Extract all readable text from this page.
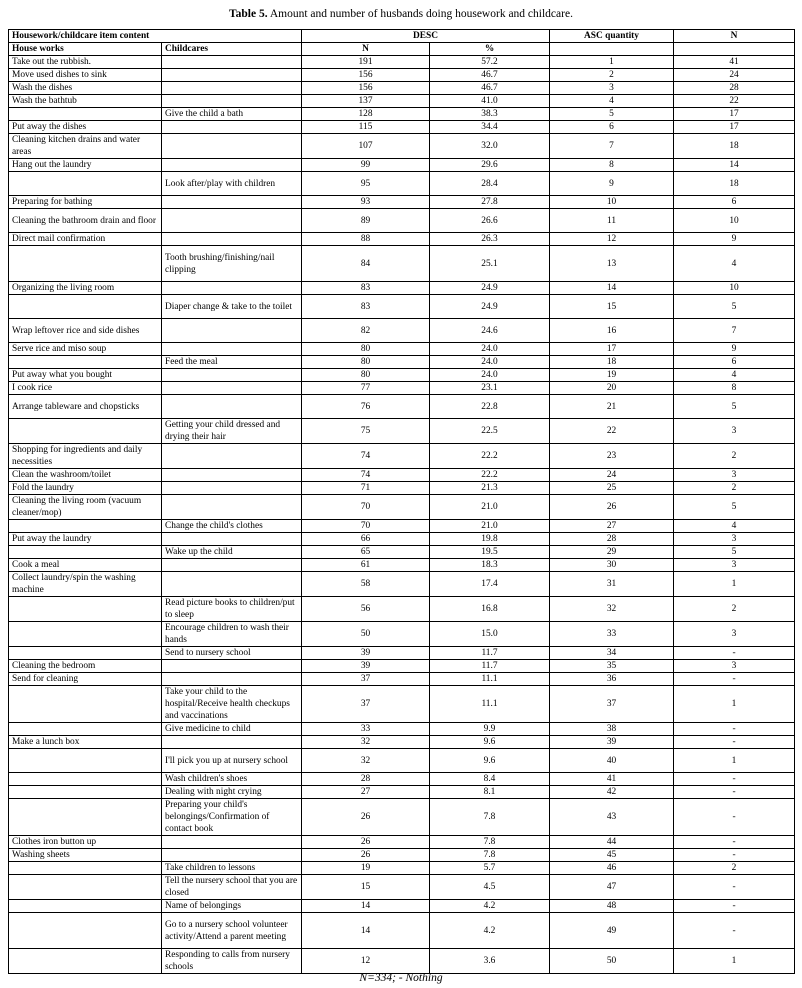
Table 5. Amount and number of husbands doing housework and childcare.
Housework/childcare item content		DESC		ASC quantity	N
House works	Childcares	N	%		
Take out the rubbish.		191	57.2	1	41
Move used dishes to sink		156	46.7	2	24
Wash the dishes		156	46.7	3	28
Wash the bathtub		137	41.0	4	22
	Give the child a bath	128	38.3	5	17
Put away the dishes		115	34.4	6	17
Cleaning kitchen drains and water areas		107	32.0	7	18
Hang out the laundry		99	29.6	8	14
	Look after/play with children	95	28.4	9	18
Preparing for bathing		93	27.8	10	6
Cleaning the bathroom drain and floor		89	26.6	11	10
Direct mail confirmation		88	26.3	12	9
	Tooth brushing/finishing/nail clipping	84	25.1	13	4
Organizing the living room		83	24.9	14	10
	Diaper change & take to the toilet	83	24.9	15	5
Wrap leftover rice and side dishes		82	24.6	16	7
Serve rice and miso soup		80	24.0	17	9
	Feed the meal	80	24.0	18	6
Put away what you bought		80	24.0	19	4
I cook rice		77	23.1	20	8
Arrange tableware and chopsticks		76	22.8	21	5
	Getting your child dressed and drying their hair	75	22.5	22	3
Shopping for ingredients and daily necessities		74	22.2	23	2
Clean the washroom/toilet		74	22.2	24	3
Fold the laundry		71	21.3	25	2
Cleaning the living room (vacuum cleaner/mop)		70	21.0	26	5
	Change the child's clothes	70	21.0	27	4
Put away the laundry		66	19.8	28	3
	Wake up the child	65	19.5	29	5
Cook a meal		61	18.3	30	3
Collect laundry/spin the washing machine		58	17.4	31	1
	Read picture books to children/put to sleep	56	16.8	32	2
	Encourage children to wash their hands	50	15.0	33	3
	Send to nursery school	39	11.7	34	-
Cleaning the bedroom		39	11.7	35	3
Send for cleaning		37	11.1	36	-
	Take your child to the hospital/Receive health checkups and vaccinations	37	11.1	37	1
	Give medicine to child	33	9.9	38	-
Make a lunch box		32	9.6	39	-
	I'll pick you up at nursery school	32	9.6	40	1
	Wash children's shoes	28	8.4	41	-
	Dealing with night crying	27	8.1	42	-
	Preparing your child's belongings/Confirmation of contact book	26	7.8	43	-
Clothes iron button up		26	7.8	44	-
Washing sheets		26	7.8	45	-
	Take children to lessons	19	5.7	46	2
	Tell the nursery school that you are closed	15	4.5	47	-
	Name of belongings	14	4.2	48	-
	Go to a nursery school volunteer activity/Attend a parent meeting	14	4.2	49	-
	Responding to calls from nursery schools	12	3.6	50	1
N=334; - Nothing
